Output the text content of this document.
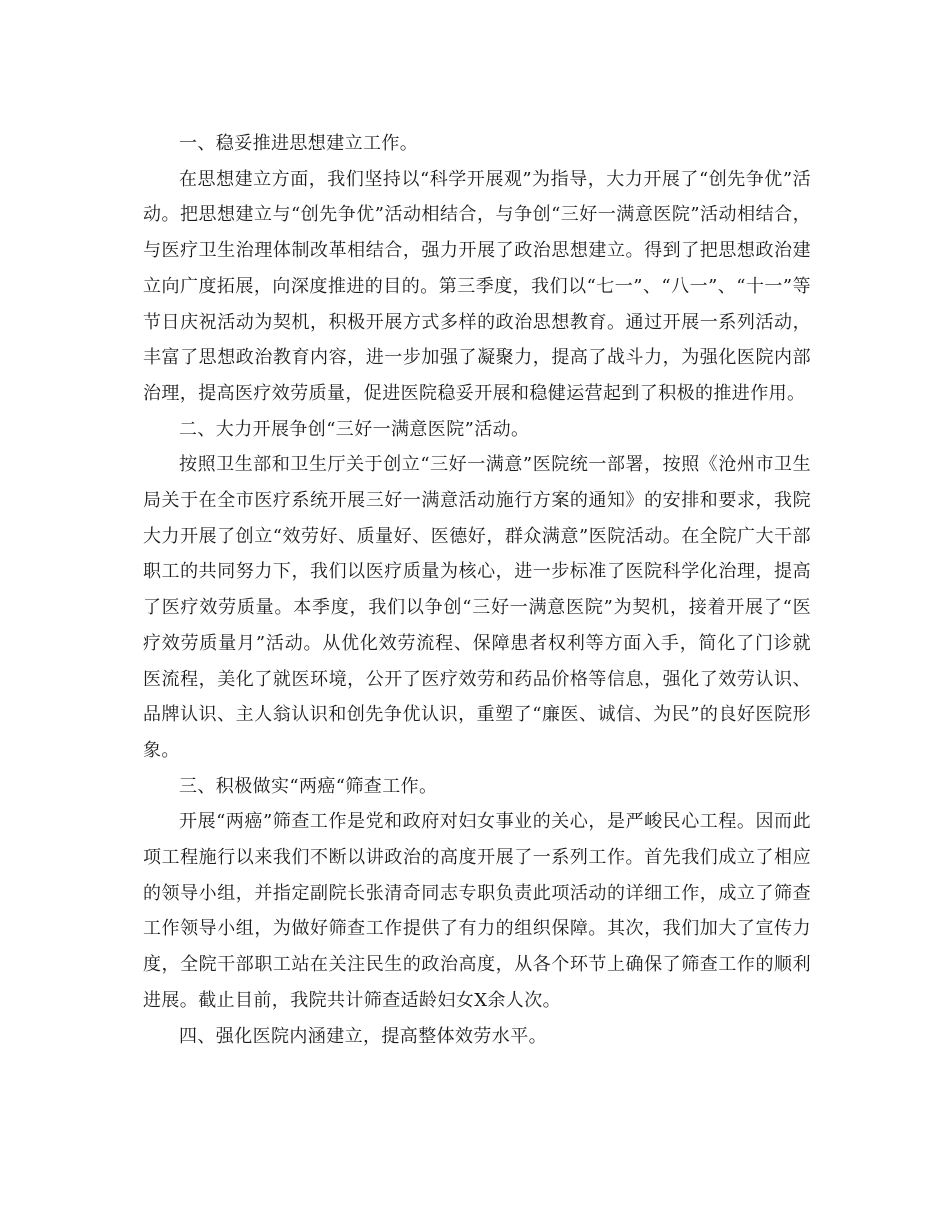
一、稳妥推进思想建立工作。

在思想建立方面，我们坚持以“科学开展观”为指导，大力开展了“创先争优”活动。把思想建立与“创先争优”活动相结合，与争创“三好一满意医院”活动相结合，与医疗卫生治理体制改革相结合，强力开展了政治思想建立。得到了把思想政治建立向广度拓展，向深度推进的目的。第三季度，我们以“七一”、“八一”、“十一”等节日庆祝活动为契机，积极开展方式多样的政治思想教育。通过开展一系列活动，丰富了思想政治教育内容，进一步加强了凝聚力，提高了战斗力，为强化医院内部治理，提高医疗效劳质量，促进医院稳妥开展和稳健运营起到了积极的推进作用。

二、大力开展争创“三好一满意医院”活动。

按照卫生部和卫生厅关于创立“三好一满意”医院统一部署，按照《沧州市卫生局关于在全市医疗系统开展三好一满意活动施行方案的通知》的安排和要求，我院大力开展了创立“效劳好、质量好、医德好，群众满意”医院活动。在全院广大干部职工的共同努力下，我们以医疗质量为核心，进一步标准了医院科学化治理，提高了医疗效劳质量。本季度，我们以争创“三好一满意医院”为契机，接着开展了“医疗效劳质量月”活动。从优化效劳流程、保障患者权利等方面入手，简化了门诊就医流程，美化了就医环境，公开了医疗效劳和药品价格等信息，强化了效劳认识、品牌认识、主人翁认识和创先争优认识，重塑了“廉医、诚信、为民”的良好医院形象。

三、积极做实“两癌“筛查工作。

开展“两癌”筛查工作是党和政府对妇女事业的关心，是严峻民心工程。因而此项工程施行以来我们不断以讲政治的高度开展了一系列工作。首先我们成立了相应的领导小组，并指定副院长张清奇同志专职负责此项活动的详细工作，成立了筛查工作领导小组，为做好筛查工作提供了有力的组织保障。其次，我们加大了宣传力度，全院干部职工站在关注民生的政治高度，从各个环节上确保了筛查工作的顺利进展。截止目前，我院共计筛查适龄妇女X余人次。

四、强化医院内涵建立，提高整体效劳水平。
